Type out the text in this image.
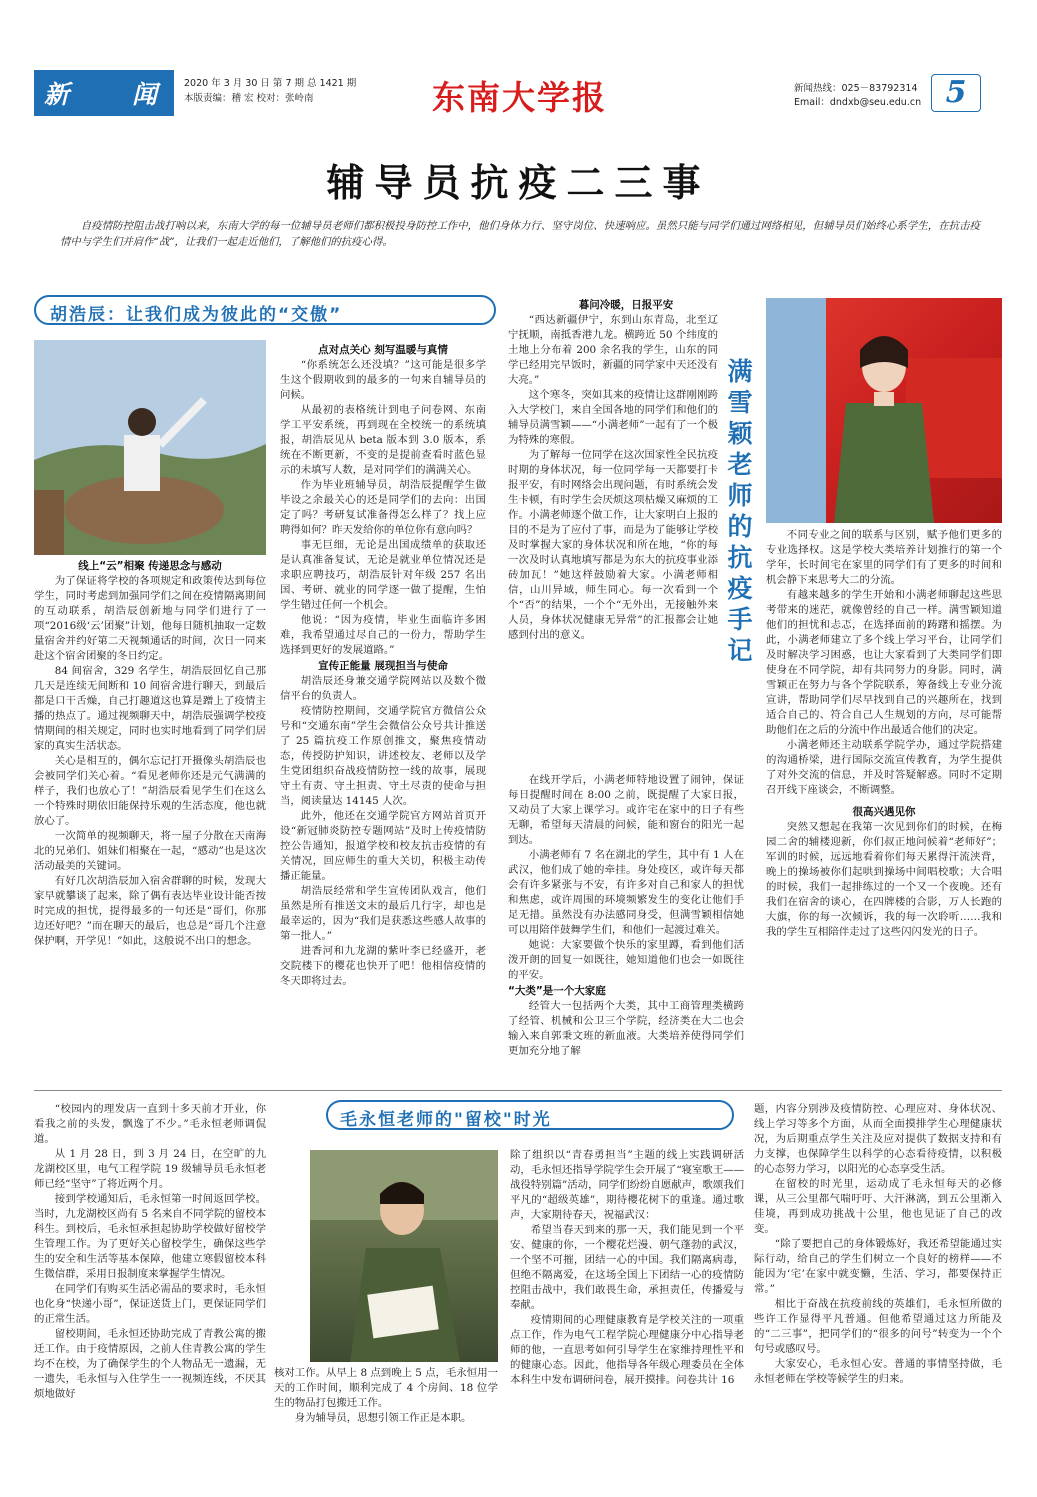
新	闻	2020 年 3 月 30 日 第 7 期 总 1421 期
本版责编：稽 宏 校对：张岭南	东南大学报	新闻热线：025－83792314
Email：dndxb@seu.edu.cn 5
辅导员抗疫二三事
自疫情防控阻击战打响以来，东南大学的每一位辅导员老师们都积极投身防控工作中，他们身体力行、坚守岗位、快速响应。虽然只能与同学们通过网络相见，但辅导员们始终心系学生，在抗击疫情中与学生们并肩作“战”，让我们一起走近他们，了解他们的抗疫心得。
胡浩辰：让我们成为彼此的“交傲”
线上“云”相聚 传递思念与感动

为了保证将学校的各项规定和政策传达到每位学生，同时考虑到加强同学们之间在疫情隔离期间的互动联系，胡浩辰创新地与同学们进行了一项“2016级‘云’团聚”计划，他每日随机抽取一定数量宿舍并约好第二天视频通话的时间，次日一同来赴这个宿舍团聚的冬日约定。

84 间宿舍，329 名学生，胡浩辰回忆自己那几天是连续无间断和 10 间宿舍进行聊天，到最后都是口干舌燥，自己打趣道这也算是蹭上了疫情主播的热点了。通过视频聊天中，胡浩辰强调学校疫情期间的相关规定，同时也实时地看到了同学们居家的真实生活状态。

关心是相互的，偶尔忘记打开摄像头胡浩辰也会被同学们关心着。“看见老师你还是元气满满的样子，我们也放心了！”胡浩辰看见学生们在这么一个特殊时期依旧能保持乐观的生活态度，他也就放心了。

一次简单的视频聊天，将一屋子分散在天南海北的兄弟们、姐妹们相聚在一起，“感动”也是这次活动最美的关键词。

有好几次胡浩辰加入宿舍群聊的时候，发现大家早就攀谈了起来，除了偶有表达毕业设计能否按时完成的担忧，提得最多的一句还是“哥们，你那边还好吧？”而在聊天的最后，也总是“哥几个注意保护啊，开学见！”如此，这般说不出口的想念。

点对点关心 刻写温暖与真情

“你系统怎么还没填？”这可能是很多学生这个假期收到的最多的一句来自辅导员的问候。

从最初的表格统计到电子问卷网、东南学工平安系统，再到现在全校统一的系统填报，胡浩辰见从 beta 版本到 3.0 版本，系统在不断更新，不变的是提前查看时蓝色显示的未填写人数，是对同学们的满满关心。

作为毕业班辅导员，胡浩辰提醒学生做毕设之余最关心的还是同学们的去向：出国定了吗？考研复试准备得怎么样了？找上应聘得如何？昨天发给你的单位你有意向吗？

事无巨细，无论是出国成绩单的获取还是认真准备复试，无论是就业单位情况还是求职应聘技巧，胡浩辰针对年级 257 名出国、考研、就业的同学逐一做了提醒，生怕学生错过任何一个机会。

他说：“因为疫情，毕业生面临许多困难，我希望通过尽自己的一份力，帮助学生选择到更好的发展道路。”

宣传正能量 展现担当与使命

胡浩辰还身兼交通学院网站以及数个微信平台的负责人。

疫情防控期间，交通学院官方微信公众号和“交通东南”学生会微信公众号共计推送了 25 篇抗疫工作原创推文，聚焦疫情动态，传授防护知识，讲述校友、老师以及学生党团组织奋战疫情防控一线的故事，展现守土有责、守土担责、守土尽责的使命与担当，阅读量达 14145 人次。

此外，他还在交通学院官方网站首页开设“新冠肺炎防控专题网站”及时上传疫情防控公告通知，报道学校和校友抗击疫情的有关情况，回应师生的重大关切，积极主动传播正能量。

胡浩辰经常和学生宣传团队戏言，他们虽然是所有推送文末的最后几行字，却也是最幸运的，因为“我们是获悉这些感人故事的第一批人。”

进香河和九龙湖的紫叶李已经盛开，老交院楼下的樱花也快开了吧！他相信疫情的冬天即将过去。

暮问冷暖，日报平安

“西达新疆伊宁，东到山东青岛，北至辽宁抚顺，南抵香港九龙。横跨近 50 个纬度的土地上分布着 200 余名我的学生，山东的同学已经用完早饭时，新疆的同学家中天还没有大亮。”

这个寒冬，突如其来的疫情让这群刚刚跨入大学校门，来自全国各地的同学们和他们的辅导员满雪颖——“小满老师”一起有了一个极为特殊的寒假。

为了解每一位同学在这次国家性全民抗疫时期的身体状况，每一位同学每一天都要打卡报平安，有时网络会出现问题，有时系统会发生卡顿，有时学生会厌烦这项枯燥又麻烦的工作。小满老师逐个做工作，让大家明白上报的目的不是为了应付了事，而是为了能够让学校及时掌握大家的身体状况和所在地，“你的每一次及时认真地填写都是为东大的抗疫事业添砖加瓦！”她这样鼓励着大家。小满老师相信，山川异域，师生同心。每一次看到一个个“否”的结果，一个个“无外出，无接触外来人员，身体状况健康无异常”的汇报都会让她感到付出的意义。

在线开学后，小满老师特地设置了闹钟，保证每日提醒时间在 8:00 之前，既提醒了大家日报，又动员了大家上课学习。或许宅在家中的日子有些无聊，希望每天清晨的问候，能和窗台的阳光一起到达。

小满老师有 7 名在湖北的学生，其中有 1 人在武汉，他们成了她的牵挂。身处疫区，或许每天都会有许多紧张与不安，有许多对自己和家人的担忧和焦虑，或许周围的环境频繁发生的变化让他们手足无措。虽然没有办法感同身受，但满雪颖相信她可以用陪伴鼓舞学生们，和他们一起渡过难关。

她说：大家要做个快乐的家里蹲，看到他们活泼开朗的回复一如既往，她知道他们也会一如既往的平安。

“大类”是一个大家庭

经管大一包括两个大类，其中工商管理类横跨了经管、机械和公卫三个学院，经济类在大二也会输入来自郭秉文班的新血液。大类培养使得同学们更加充分地了解

满雪颖老师的抗疫手记	不同专业之间的联系与区别，赋予他们更多的专业选择权。这是学校大类培养计划推行的第一个学年，长时间宅在家里的同学们有了更多的时间和机会静下来思考大二的分流。

有越来越多的学生开始和小满老师聊起这些思考带来的迷茫，就像曾经的自己一样。满雪颖知道他们的担忧和忐忑，在选择面前的踌躇和摇摆。为此，小满老师建立了多个线上学习平台，让同学们及时解决学习困惑，也让大家看到了大类同学们即使身在不同学院，却有共同努力的身影。同时，满雪颖正在努力与各个学院联系，筹备线上专业分流宣讲，帮助同学们尽早找到自己的兴趣所在，找到适合自己的、符合自己人生规划的方向，尽可能帮助他们在之后的分流中作出最适合他们的决定。

小满老师还主动联系学院学办，通过学院搭建的沟通桥梁，进行国际交流宣传教育，为学生提供了对外交流的信息，并及时答疑解惑。同时不定期召开线下座谈会，不断调整。

很高兴遇见你

突然又想起在我第一次见到你们的时候，在梅园二舍的辅楼迎新，你们叔正地问候着“老师好”；军训的时候，远远地看着你们每天累得汗流浃背，晚上的操场被你们起哄到操场中间唱校歌；大合唱的时候，我们一起排练过的一个又一个夜晚。还有我们在宿舍的谈心，在四牌楼的合影，万人长跑的大旗，你的每一次倾诉，我的每一次聆听……我和我的学生互相陪伴走过了这些闪闪发光的日子。

“校园内的理发店一直到十多天前才开业，你看我之前的头发，飘逸了不少。”毛永恒老师调侃道。

从 1 月 28 日，到 3 月 24 日，在空旷的九龙湖校区里，电气工程学院 19 级辅导员毛永恒老师已经“坚守”了将近两个月。

接到学校通知后，毛永恒第一时间返回学校。当时，九龙湖校区尚有 5 名来自不同学院的留校本科生。到校后，毛永恒承担起协助学校做好留校学生管理工作。为了更好关心留校学生，确保这些学生的安全和生活等基本保障，他建立寒假留校本科生微信群，采用日报制度来掌握学生情况。

在同学们有购买生活必需品的要求时，毛永恒也化身“快递小哥”，保证送货上门，更保证同学们的正常生活。

留校期间，毛永恒还协助完成了青教公寓的搬迁工作。由于疫情原因，之前人住青教公寓的学生均不在校，为了确保学生的个人物品无一遗漏，无一遗失，毛永恒与入住学生一一视频连线，不厌其烦地做好

毛永恒老师的"留校"时光

核对工作。从早上 8 点到晚上 5 点，毛永恒用一天的工作时间，顺利完成了 4 个房间、18 位学生的物品打包搬迁工作。

身为辅导员，思想引领工作正是本职。

除了组织以“青春勇担当”主题的线上实践调研活动，毛永恒还指导学院学生会开展了“寝室歌王——战役特别篇”活动，同学们纷纷自愿献声，歌颂我们平凡的“超级英雄”，期待樱花树下的重逢。通过歌声，大家期待春天，祝福武汉：

希望当春天到来的那一天，我们能见到一个平安、健康的你，一个樱花烂漫、朝气蓬勃的武汉，一个坚不可摧，团结一心的中国。我们隔离病毒，但绝不隔离爱，在这场全国上下团结一心的疫情防控阻击战中，我们敢畏生命，承担责任，传播爱与奉献。

疫情期间的心理健康教育是学校关注的一项重点工作，作为电气工程学院心理健康分中心指导老师的他，一直思考如何引导学生在家维持理性平和的健康心态。因此，他指导各年级心理委员在全体本科生中发布调研问卷，展开摸排。问卷共计 16

题，内容分别涉及疫情防控、心理应对、身体状况、线上学习等多个方面，从而全面摸排学生心理健康状况，为后期重点学生关注及应对提供了数据支持和有力支撑，也保障学生以科学的心态看待疫情，以积极的心态努力学习，以阳光的心态享受生活。

在留校的时光里，运动成了毛永恒每天的必修课，从三公里都气喘吁吁、大汗淋漓，到五公里渐入佳境，再到成功挑战十公里，他也见证了自己的改变。

“除了要把自己的身体锻炼好，我还希望能通过实际行动，给自己的学生们树立一个良好的榜样——不能因为‘宅’在家中就变懒，生活、学习，都要保持正常。”

相比于奋战在抗疫前线的英雄们，毛永恒所做的些许工作显得平凡普通。但他希望通过这力所能及的“二三事”，把同学们的“很多的问号”转变为一个个句号或感叹号。

大家安心，毛永恒心安。普通的事情坚持做，毛永恒老师在学校等候学生的归来。
